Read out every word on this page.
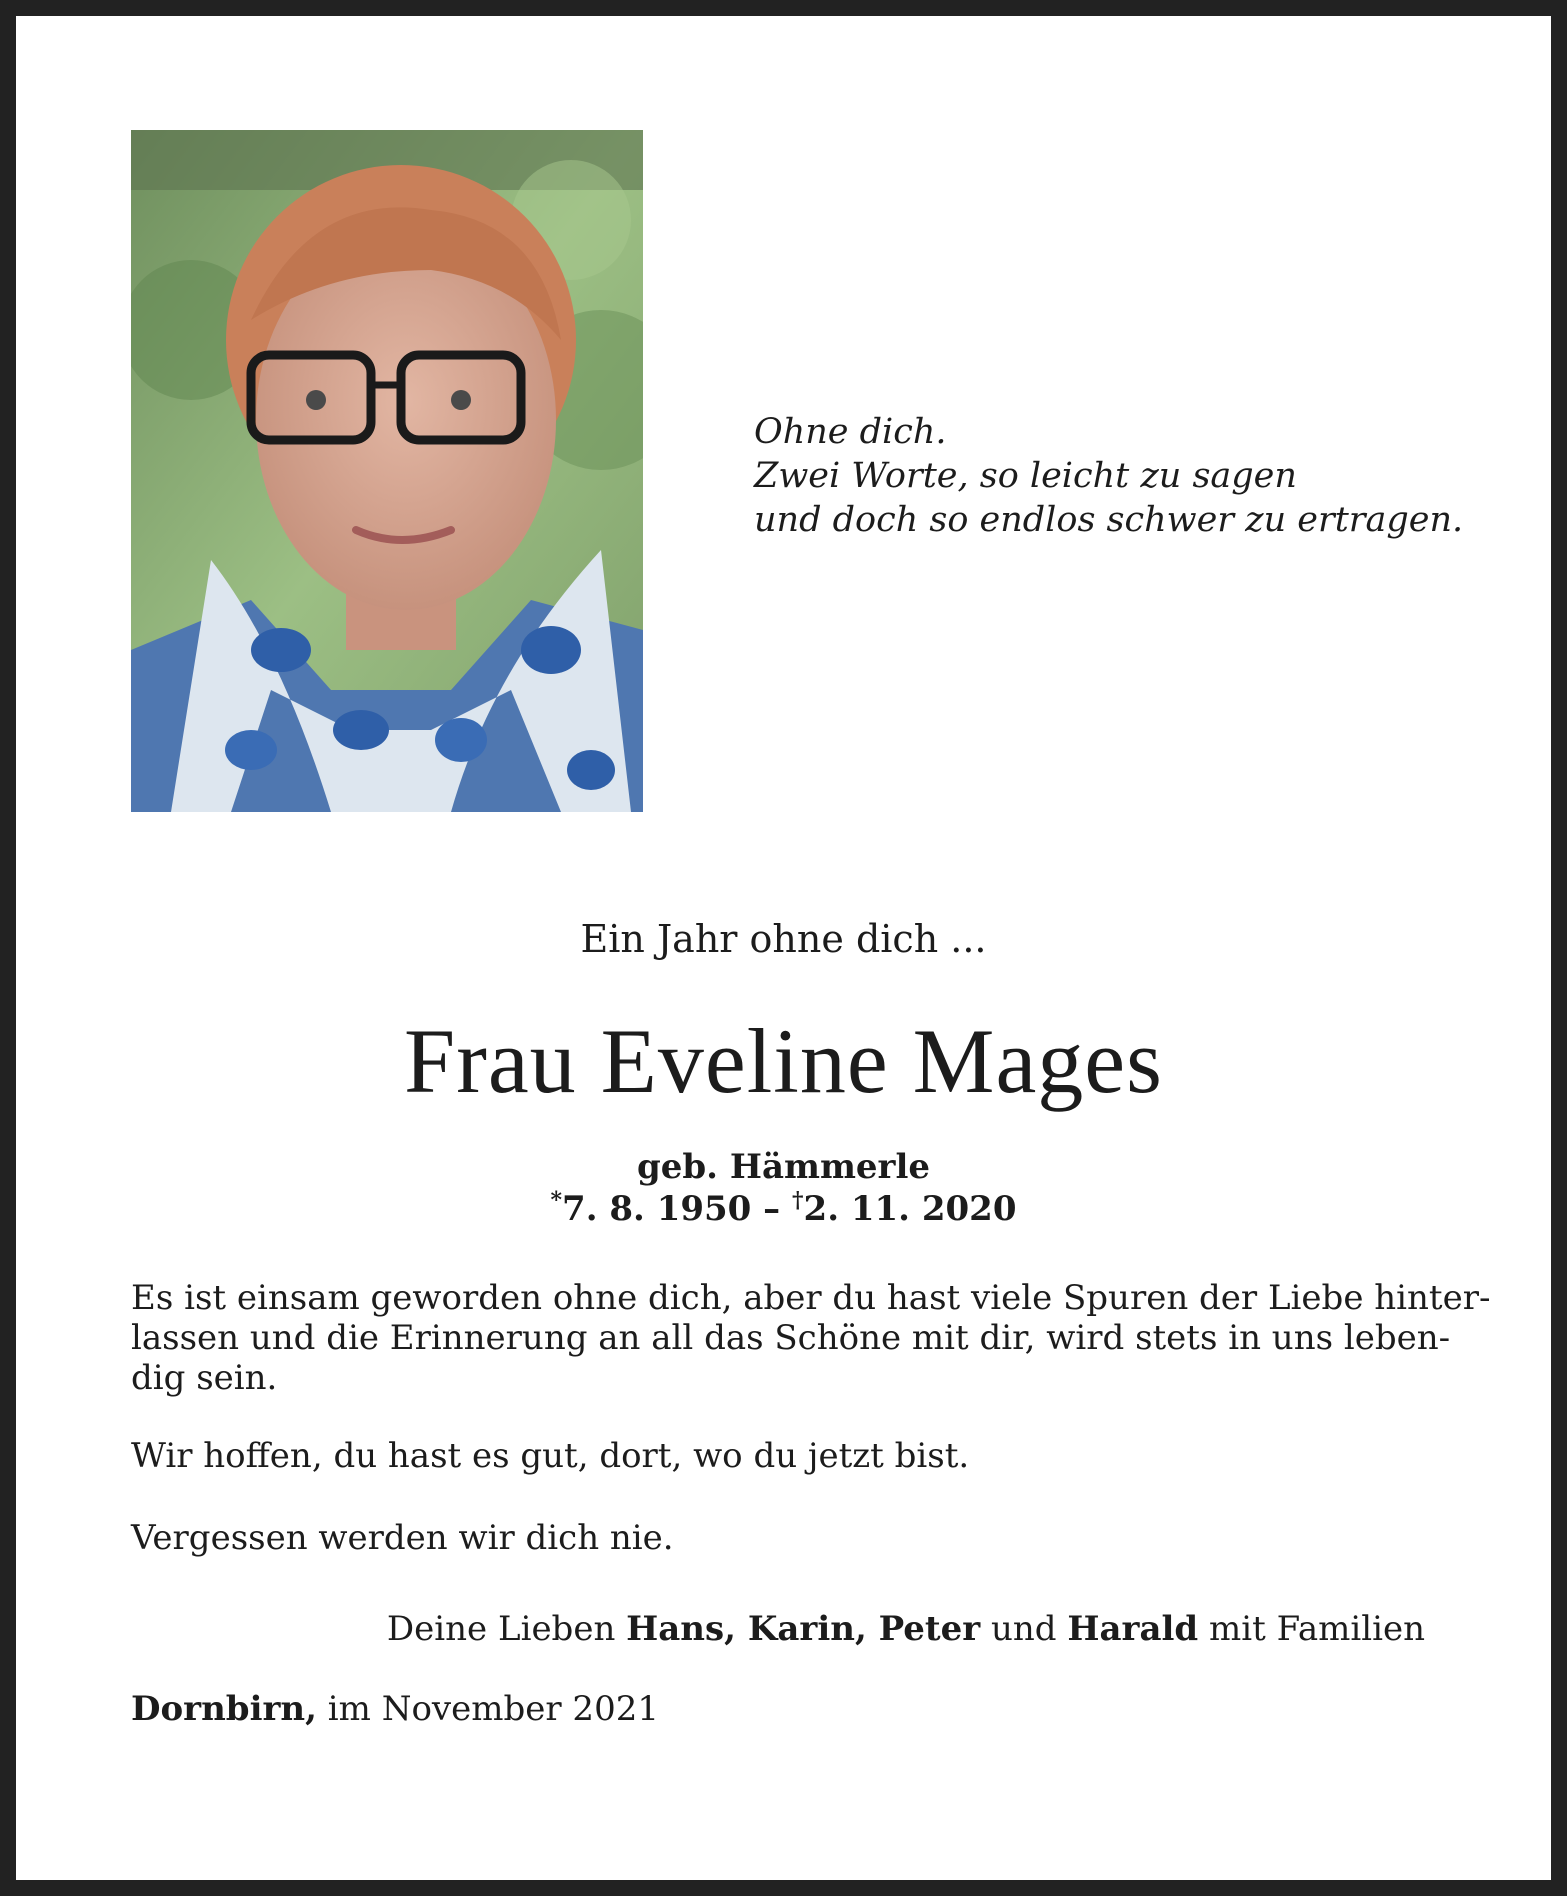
Ohne dich.
Zwei Worte, so leicht zu sagen
und doch so endlos schwer zu ertragen.
Ein Jahr ohne dich ...
Frau Eveline Mages
geb. Hämmerle
*7. 8. 1950 – †2. 11. 2020
Es ist einsam geworden ohne dich, aber du hast viele Spuren der Liebe hinter-
lassen und die Erinnerung an all das Schöne mit dir, wird stets in uns leben-
dig sein.
Wir hoffen, du hast es gut, dort, wo du jetzt bist.
Vergessen werden wir dich nie.
Deine Lieben Hans, Karin, Peter und Harald mit Familien
Dornbirn, im November 2021
